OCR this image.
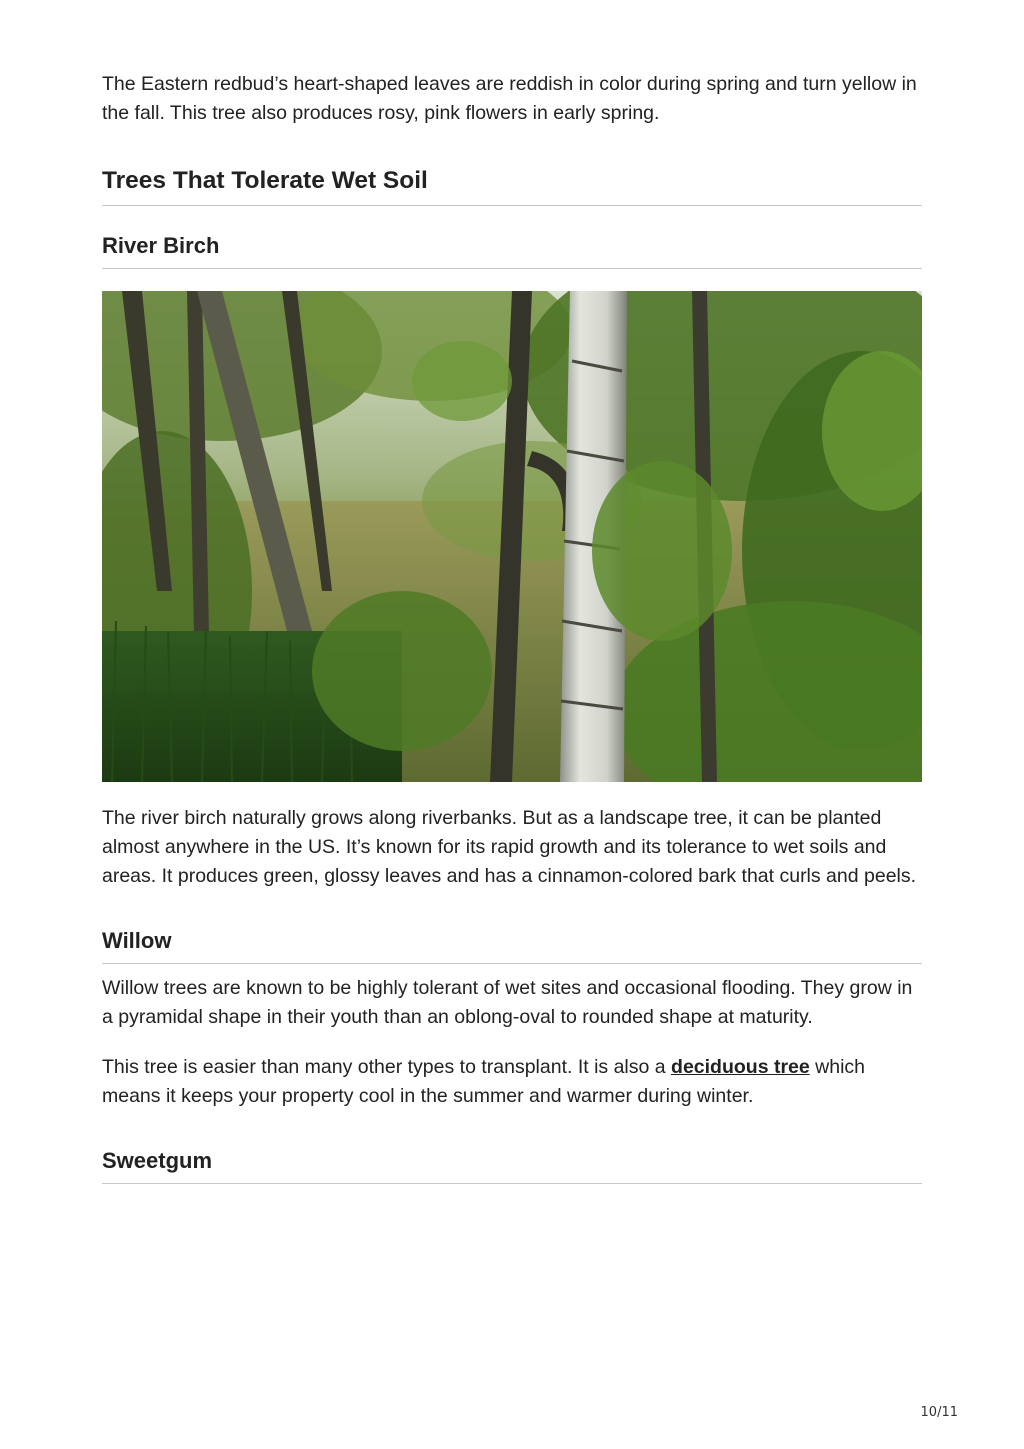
The Eastern redbud’s heart-shaped leaves are reddish in color during spring and turn yellow in the fall. This tree also produces rosy, pink flowers in early spring.

Trees That Tolerate Wet Soil
River Birch

The river birch naturally grows along riverbanks. But as a landscape tree, it can be planted almost anywhere in the US. It’s known for its rapid growth and its tolerance to wet soils and areas. It produces green, glossy leaves and has a cinnamon-colored bark that curls and peels.

Willow

Willow trees are known to be highly tolerant of wet sites and occasional flooding. They grow in a pyramidal shape in their youth than an oblong-oval to rounded shape at maturity.

This tree is easier than many other types to transplant. It is also a deciduous tree which means it keeps your property cool in the summer and warmer during winter.

Sweetgum
10/11
